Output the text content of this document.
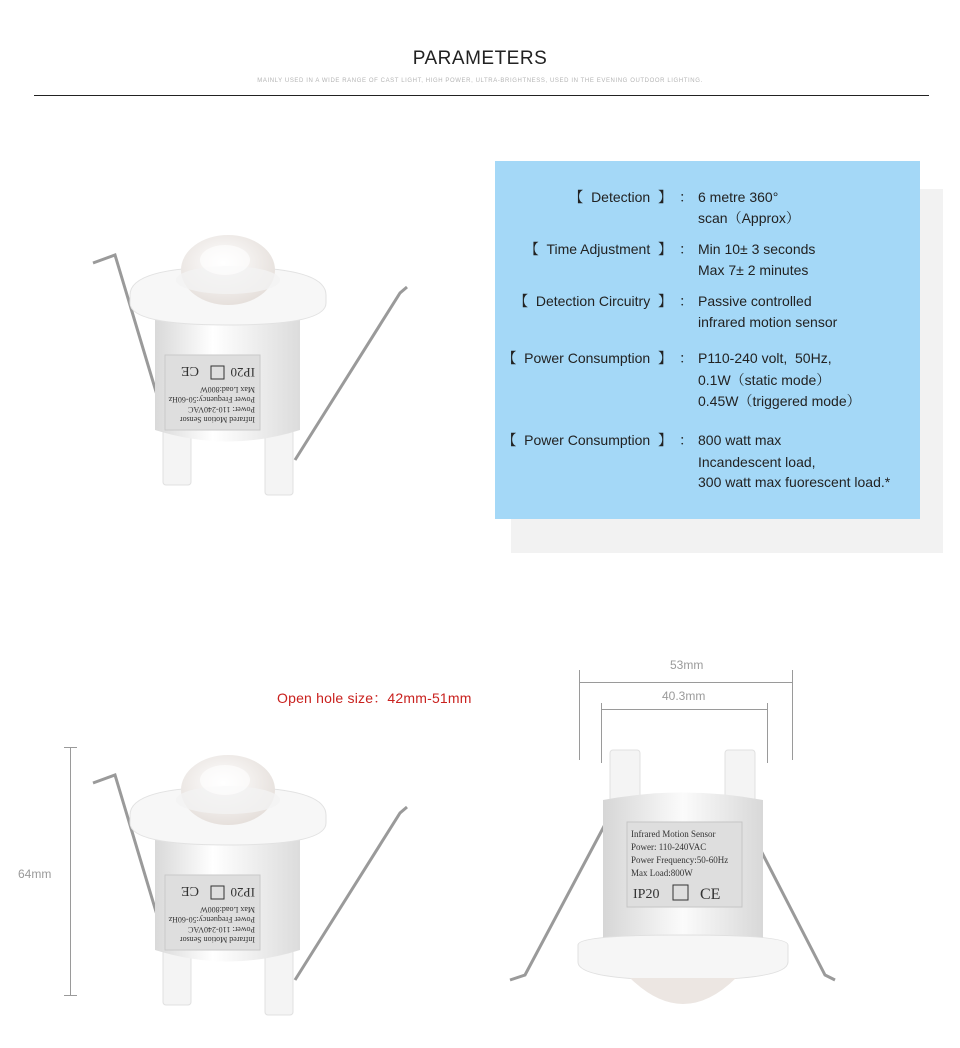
PARAMETERS
MAINLY USED IN A WIDE RANGE OF CAST LIGHT, HIGH POWER, ULTRA-BRIGHTNESS, USED IN THE EVENING OUTDOOR LIGHTING.
Infrared Motion Sensor
Power: 110-240VAC
Power Frequency:50-60Hz
Max Load:800W
IP20
CE
【  Detection  】 ： 6 metre 360°
scan（Approx）
【  Time Adjustment  】 ： Min 10± 3 seconds
Max 7± 2 minutes
【  Detection Circuitry  】 ： Passive controlled
infrared motion sensor
【  Power Consumption  】 ： P110-240 volt,  50Hz,
0.1W（static mode）
0.45W（triggered mode）
【  Power Consumption  】 ： 800 watt max
Incandescent load,
300 watt max fuorescent load.*
Open hole size：42mm-51mm
64mm
Infrared Motion Sensor
Power: 110-240VAC
Power Frequency:50-60Hz
Max Load:800W
IP20
CE
53mm
40.3mm
Infrared Motion Sensor
Power: 110-240VAC
Power Frequency:50-60Hz
Max Load:800W
IP20	CE
